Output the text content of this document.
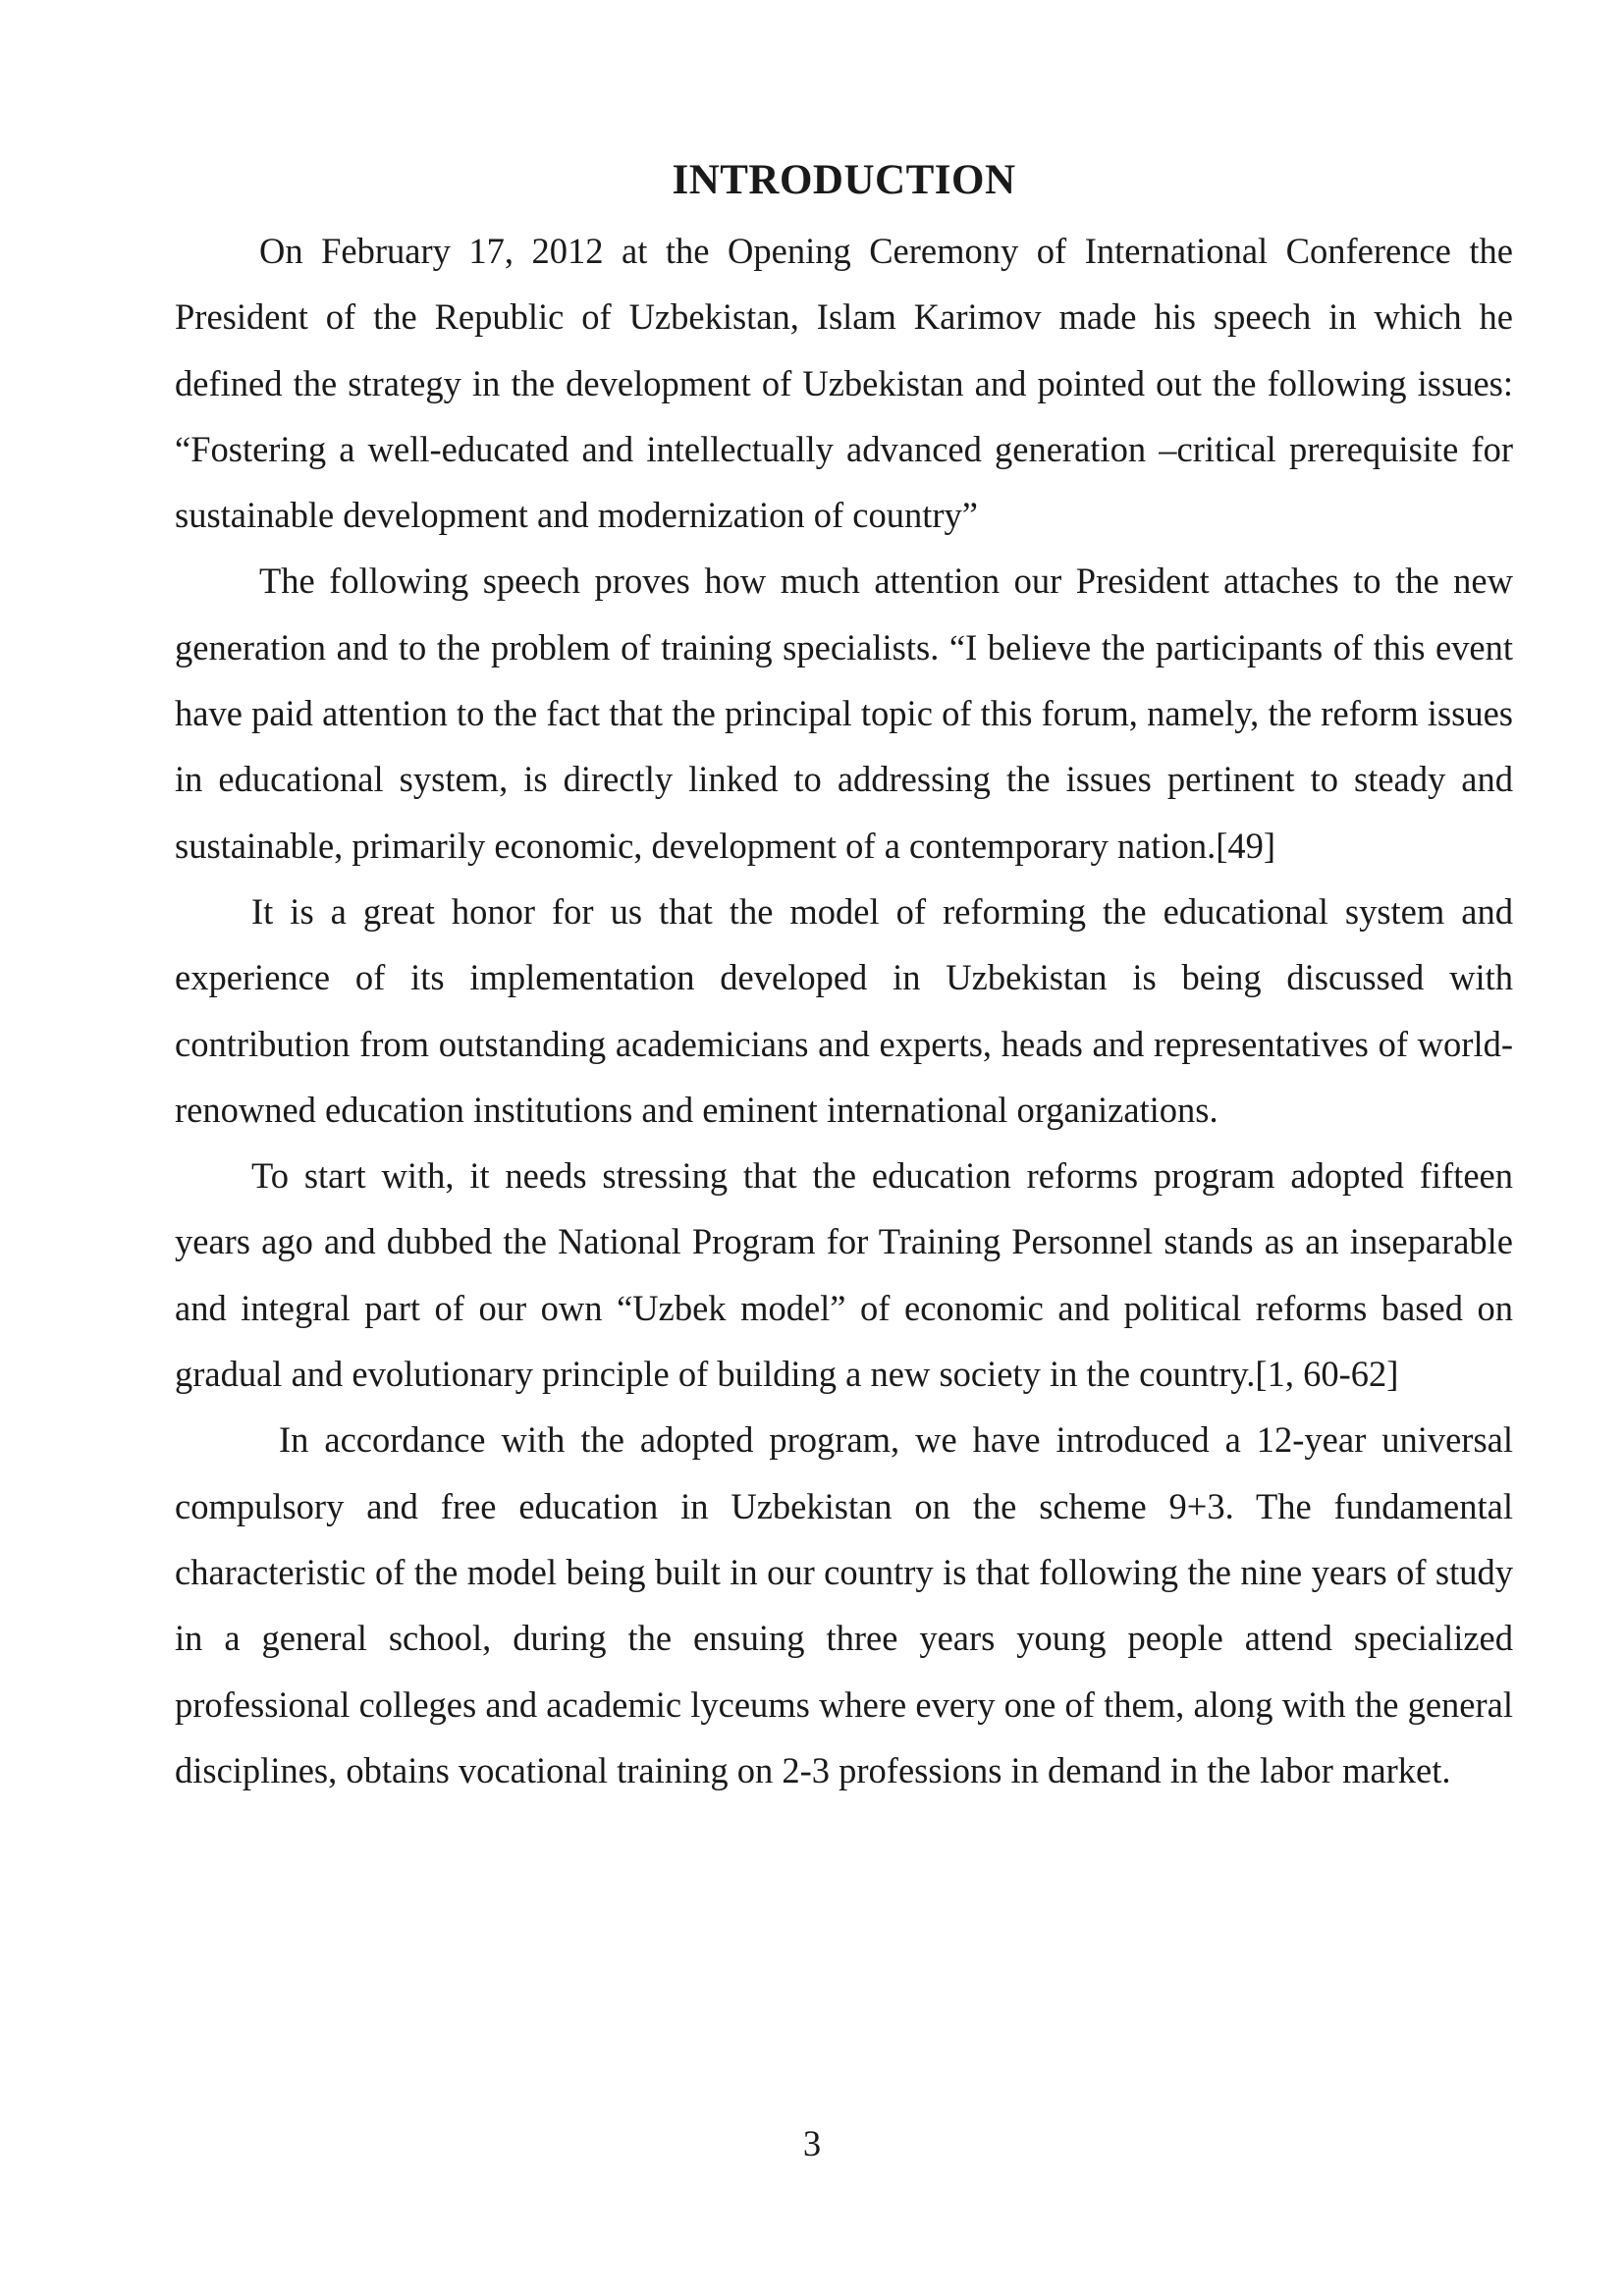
INTRODUCTION

On February 17, 2012 at the Opening Ceremony of International Conference the President of the Republic of Uzbekistan, Islam Karimov made his speech in which he defined the strategy in the development of Uzbekistan and pointed out the following issues: “Fostering a well-educated and intellectually advanced generation –critical prerequisite for sustainable development and modernization of country”

The following speech proves how much attention our President attaches to the new generation and to the problem of training specialists. “I believe the participants of this event have paid attention to the fact that the principal topic of this forum, namely, the reform issues in educational system, is directly linked to addressing the issues pertinent to steady and sustainable, primarily economic, development of a contemporary nation.[49]

It is a great honor for us that the model of reforming the educational system and experience of its implementation developed in Uzbekistan is being discussed with contribution from outstanding academicians and experts, heads and representatives of world-renowned education institutions and eminent international organizations.

To start with, it needs stressing that the education reforms program adopted fifteen years ago and dubbed the National Program for Training Personnel stands as an inseparable and integral part of our own “Uzbek model” of economic and political reforms based on gradual and evolutionary principle of building a new society in the country.[1, 60-62]

In accordance with the adopted program, we have introduced a 12-year universal compulsory and free education in Uzbekistan on the scheme 9+3. The fundamental characteristic of the model being built in our country is that following the nine years of study in a general school, during the ensuing three years young people attend specialized professional colleges and academic lyceums where every one of them, along with the general disciplines, obtains vocational training on 2-3 professions in demand in the labor market.

3
